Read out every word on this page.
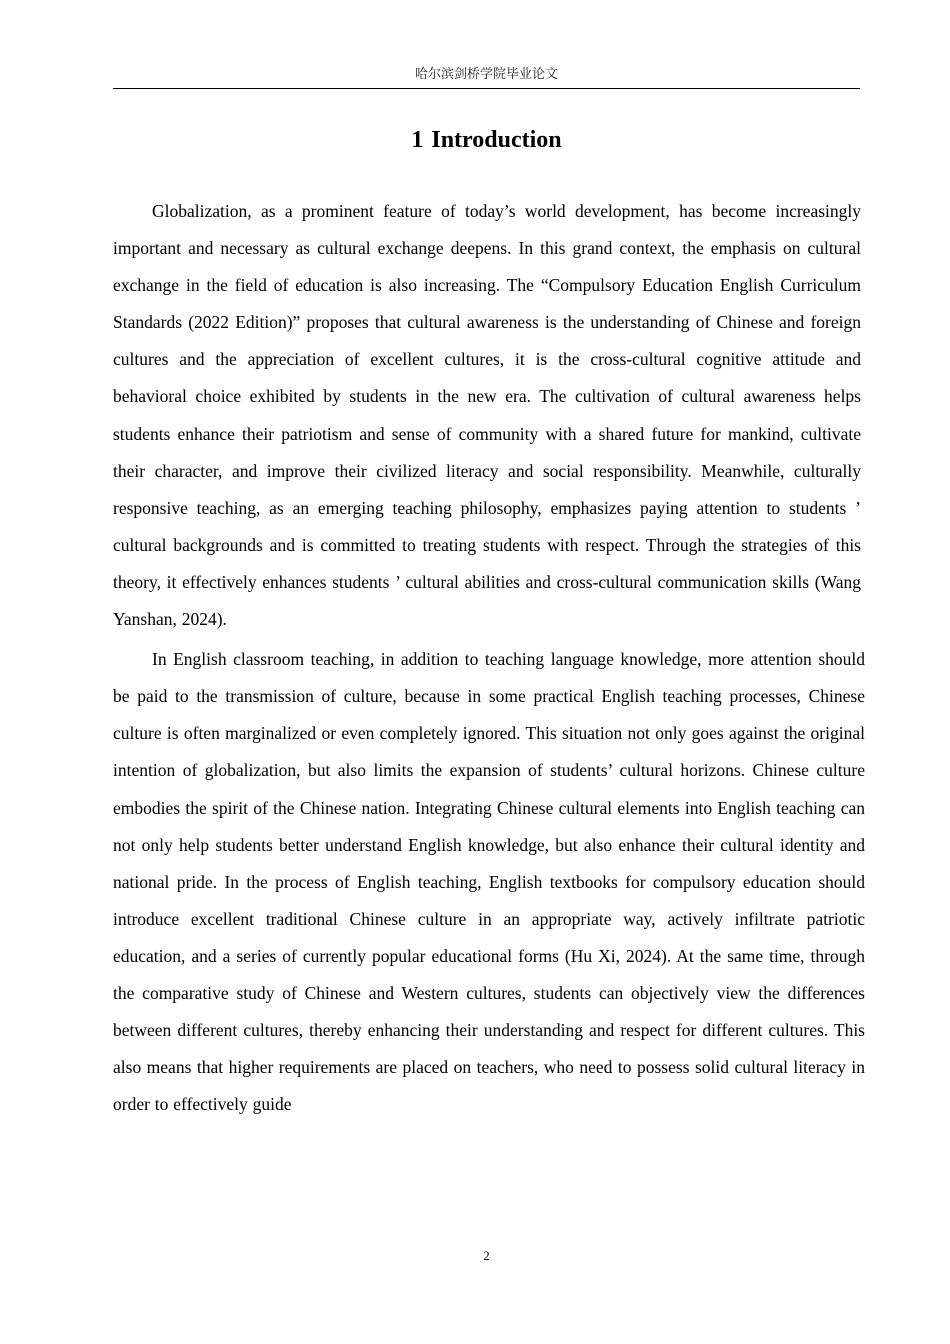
哈尔滨剑桥学院毕业论文
1 Introduction

Globalization, as a prominent feature of today’s world development, has become increasingly important and necessary as cultural exchange deepens. In this grand context, the emphasis on cultural exchange in the field of education is also increasing. The “Compulsory Education English Curriculum Standards (2022 Edition)” proposes that cultural awareness is the understanding of Chinese and foreign cultures and the appreciation of excellent cultures, it is the cross-cultural cognitive attitude and behavioral choice exhibited by students in the new era. The cultivation of cultural awareness helps students enhance their patriotism and sense of community with a shared future for mankind, cultivate their character, and improve their civilized literacy and social responsibility. Meanwhile, culturally responsive teaching, as an emerging teaching philosophy, emphasizes paying attention to students ’ cultural backgrounds and is committed to treating students with respect. Through the strategies of this theory, it effectively enhances students ’ cultural abilities and cross-cultural communication skills (Wang Yanshan, 2024).

In English classroom teaching, in addition to teaching language knowledge, more attention should be paid to the transmission of culture, because in some practical English teaching processes, Chinese culture is often marginalized or even completely ignored. This situation not only goes against the original intention of globalization, but also limits the expansion of students’ cultural horizons. Chinese culture embodies the spirit of the Chinese nation. Integrating Chinese cultural elements into English teaching can not only help students better understand English knowledge, but also enhance their cultural identity and national pride. In the process of English teaching, English textbooks for compulsory education should introduce excellent traditional Chinese culture in an appropriate way, actively infiltrate patriotic education, and a series of currently popular educational forms (Hu Xi, 2024). At the same time, through the comparative study of Chinese and Western cultures, students can objectively view the differences between different cultures, thereby enhancing their understanding and respect for different cultures. This also means that higher requirements are placed on teachers, who need to possess solid cultural literacy in order to effectively guide

2
